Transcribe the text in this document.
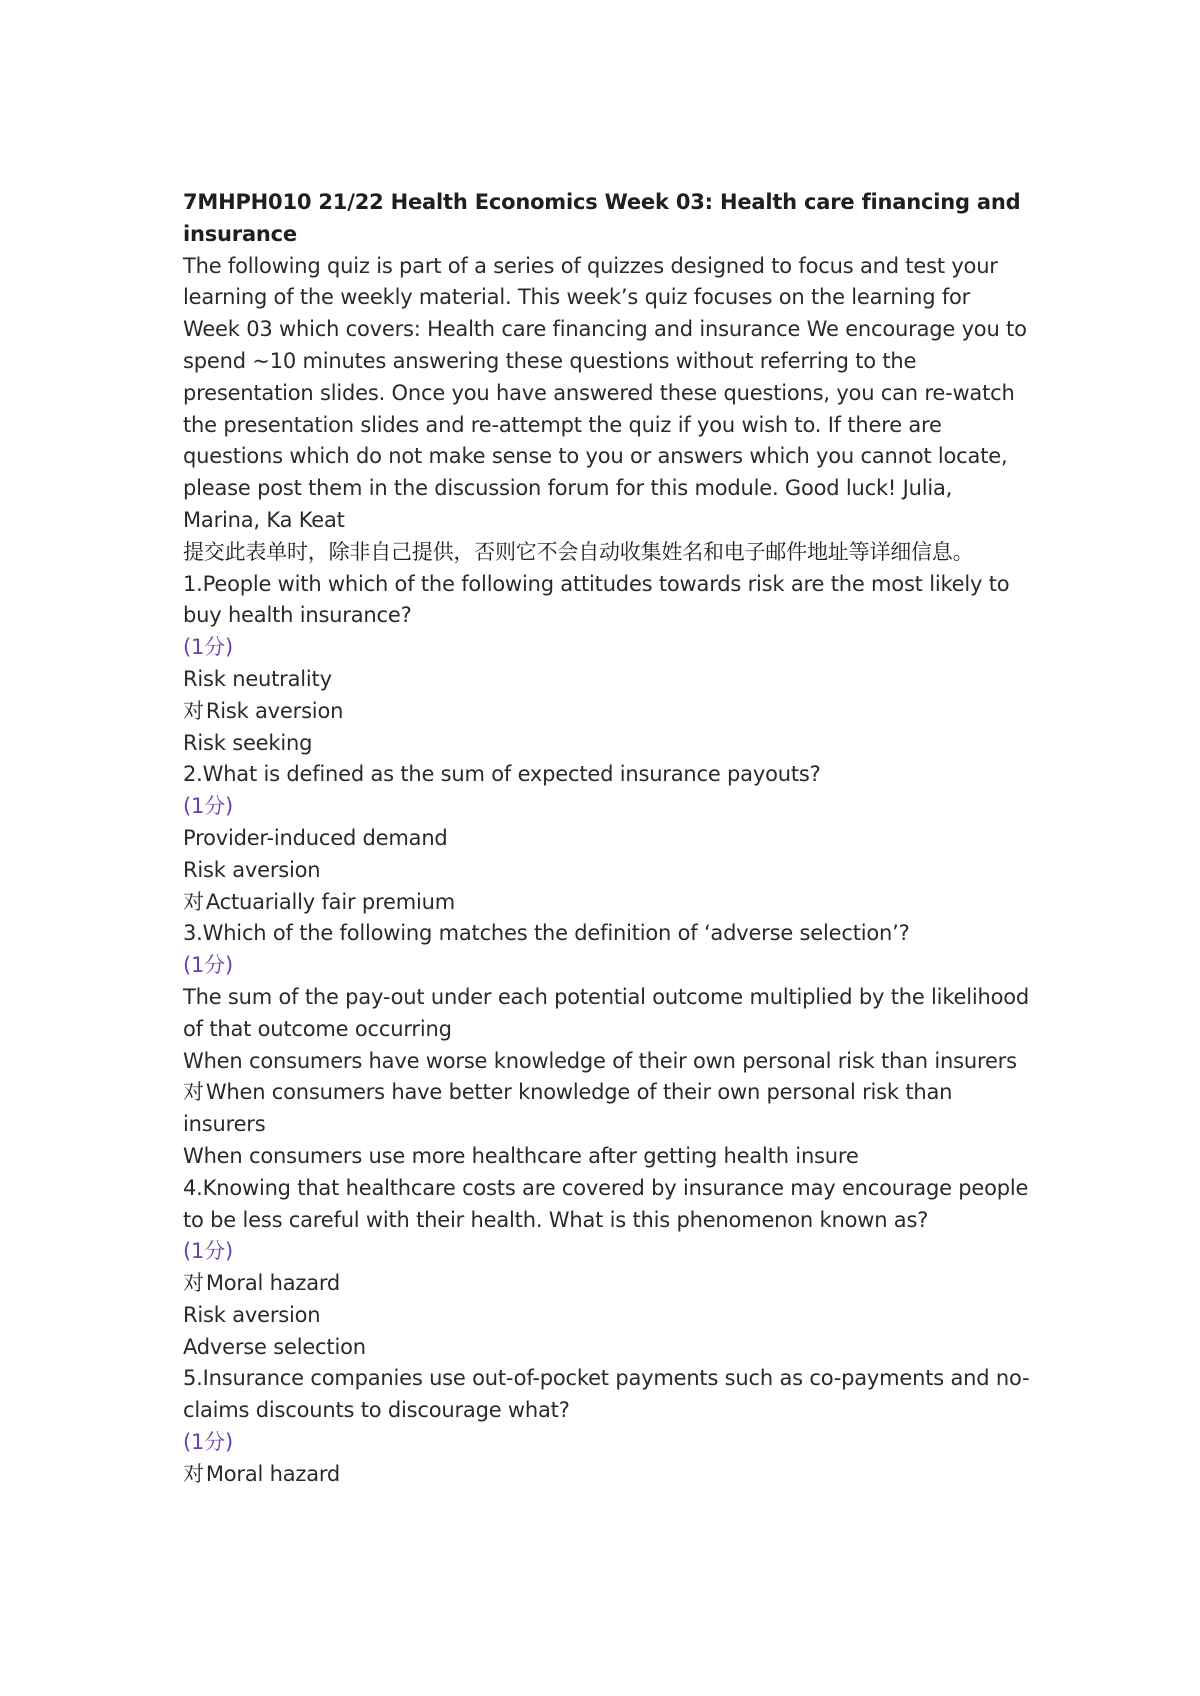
7MHPH010 21/22 Health Economics Week 03: Health care financing and insurance
The following quiz is part of a series of quizzes designed to focus and test your learning of the weekly material. This week’s quiz focuses on the learning for Week 03 which covers: Health care financing and insurance We encourage you to spend ~10 minutes answering these questions without referring to the presentation slides. Once you have answered these questions, you can re-watch the presentation slides and re-attempt the quiz if you wish to. If there are questions which do not make sense to you or answers which you cannot locate, please post them in the discussion forum for this module. Good luck! Julia, Marina, Ka Keat
提交此表单时，除非自己提供，否则它不会自动收集姓名和电子邮件地址等详细信息。
1.People with which of the following attitudes towards risk are the most likely to buy health insurance?
(1分)
Risk neutrality
对Risk aversion
Risk seeking
2.What is defined as the sum of expected insurance payouts?
(1分)
Provider-induced demand
Risk aversion
对Actuarially fair premium
3.Which of the following matches the definition of ‘adverse selection’?
(1分)
The sum of the pay-out under each potential outcome multiplied by the likelihood of that outcome occurring
When consumers have worse knowledge of their own personal risk than insurers
对When consumers have better knowledge of their own personal risk than insurers
When consumers use more healthcare after getting health insure
4.Knowing that healthcare costs are covered by insurance may encourage people to be less careful with their health. What is this phenomenon known as?
(1分)
对Moral hazard
Risk aversion
Adverse selection
5.Insurance companies use out-of-pocket payments such as co-payments and no-claims discounts to discourage what?
(1分)
对Moral hazard
